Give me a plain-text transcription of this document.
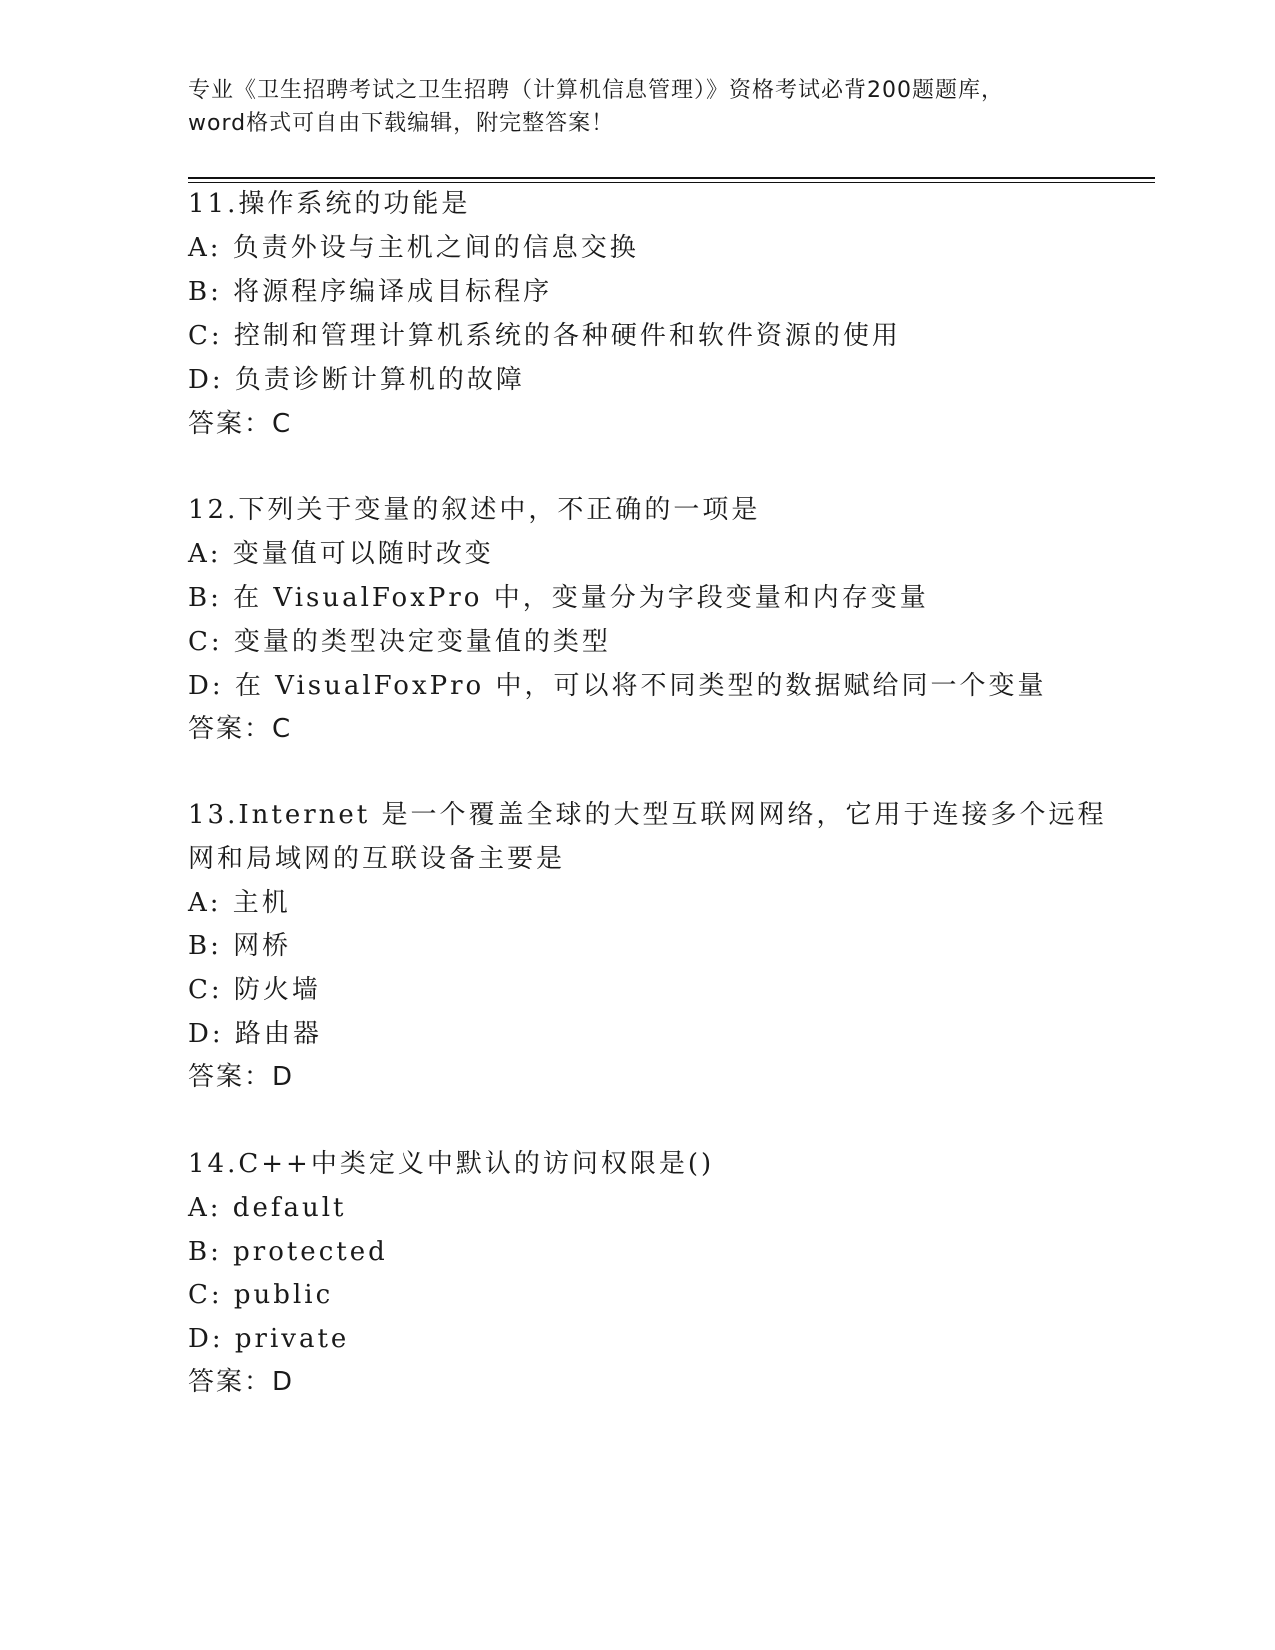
专业《卫生招聘考试之卫生招聘（计算机信息管理）》资格考试必背200题题库，
word格式可自由下载编辑，附完整答案！
11.操作系统的功能是
A: 负责外设与主机之间的信息交换
B: 将源程序编译成目标程序
C: 控制和管理计算机系统的各种硬件和软件资源的使用
D: 负责诊断计算机的故障
答案：C
12.下列关于变量的叙述中，不正确的一项是
A: 变量值可以随时改变
B: 在 VisualFoxPro 中，变量分为字段变量和内存变量
C: 变量的类型决定变量值的类型
D: 在 VisualFoxPro 中，可以将不同类型的数据赋给同一个变量
答案：C
13.Internet 是一个覆盖全球的大型互联网网络，它用于连接多个远程
网和局域网的互联设备主要是
A: 主机
B: 网桥
C: 防火墙
D: 路由器
答案：D
14.C++中类定义中默认的访问权限是()
A: default
B: protected
C: public
D: private
答案：D
